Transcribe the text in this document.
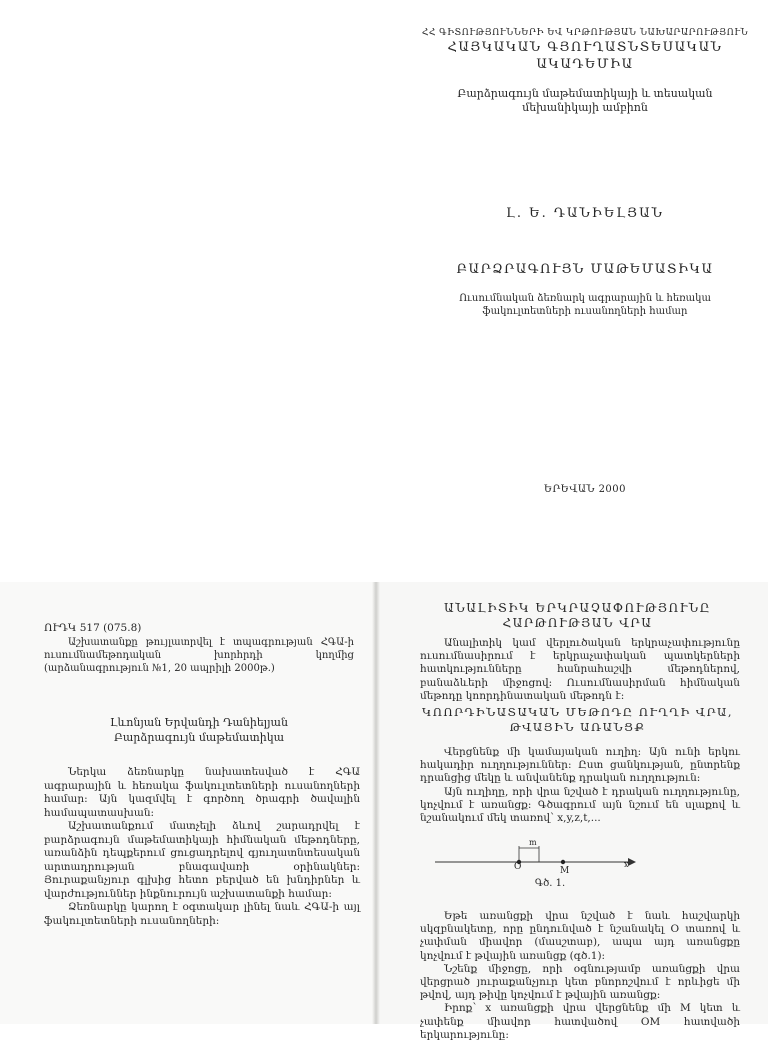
ՀՀ ԳԻՏՈՒԹՅՈՒՆՆԵՐԻ ԵՎ ԿՐԹՈՒԹՅԱՆ ՆԱԽԱՐԱՐՈՒԹՅՈՒՆ
ՀԱՅԿԱԿԱՆ ԳՅՈՒՂԱՏՆՏԵՍԱԿԱՆ ԱԿԱԴԵՄԻԱ
Բարձրագույն մաթեմատիկայի և տեսական մեխանիկայի ամբիոն
Լ. Ե. ԴԱՆԻԵԼՅԱՆ
ԲԱՐՁՐԱԳՈՒՅՆ ՄԱԹԵՄԱՏԻԿԱ
Ուսումնական ձեռնարկ ագրարային և հեռակա ֆակուլտետների ուսանողների համար
ԵՐԵՎԱՆ 2000
ՈՒԴԿ 517 (075.8)
Աշխատանքը թույլատրվել է տպագրության ՀԳԱ-ի ուսումնամեթոդական խորհրդի կողմից (արձանագրություն №1, 20 ապրիլի 2000թ.)
Լևոնյան Երվանդի Դանիելյան
Բարձրագույն մաթեմատիկա

Ներկա ձեռնարկը նախատեսված է ՀԳԱ ագրարային և հեռակա ֆակուլտետների ուսանողների համար: Այն կազմվել է գործող ծրագրի ծավալին համապատասխան:

Աշխատանքում մատչելի ձևով շարադրվել է բարձրագույն մաթեմատիկայի հիմնական մեթոդները, առանձին դեպքերում ցուցադրելով գյուղատնտեսական արտադրության բնագավառի օրինակներ: Յուրաքանչյուր գլխից հետո բերված են խնդիրներ և վարժություններ ինքնուրույն աշխատանքի համար:

Ձեռնարկը կարող է օգտակար լինել նաև ՀԳԱ-ի այլ ֆակուլտետների ուսանողների:

ԱՆԱԼԻՏԻԿ ԵՐԿՐԱՉԱՓՈՒԹՅՈՒՆԸ ՀԱՐԹՈՒԹՅԱՆ ՎՐԱ

Անալիտիկ կամ վերլուծական երկրաչափությունը ուսումնասիրում է երկրաչափական պատկերների հատկությունները հանրահաշվի մեթոդներով, բանաձևերի միջոցով: Ուսումնասիրման հիմնական մեթոդը կոորդինատական մեթոդն է:

ԿՈՈՐԴԻՆԱՏԱԿԱՆ ՄԵԹՈԴԸ ՈՒՂՂԻ ՎՐԱ, ԹՎԱՅԻՆ ԱՌԱՆՑՔ

Վերցնենք մի կամայական ուղիղ: Այն ունի երկու հակադիր ուղղություններ: Ըստ ցանկության, ընտրենք դրանցից մեկը և անվանենք դրական ուղղություն:

Այն ուղիղը, որի վրա նշված է դրական ուղղությունը, կոչվում է առանցք: Գծագրում այն նշում են սլաքով և նշանակում մեկ տառով՝ x,y,z,t,...

m
O	M
x
Գծ. 1.

Եթե առանցքի վրա նշված է նաև հաշվարկի սկզբնակետը, որը ընդունված է նշանակել O տառով և չափման միավոր (մասշտաբ), ապա այդ առանցքը կոչվում է թվային առանցք (գծ.1):

Նշենք միջոցը, որի օգնությամբ առանցքի վրա վերցրած յուրաքանչյուր կետ բնորոշվում է որևիցե մի թվով, այդ թիվը կոչվում է թվային առանցք:

Իրոք՝ x առանցքի վրա վերցնենք մի M կետ և չափենք միավոր հատվածով OM հատվածի երկարությունը:
